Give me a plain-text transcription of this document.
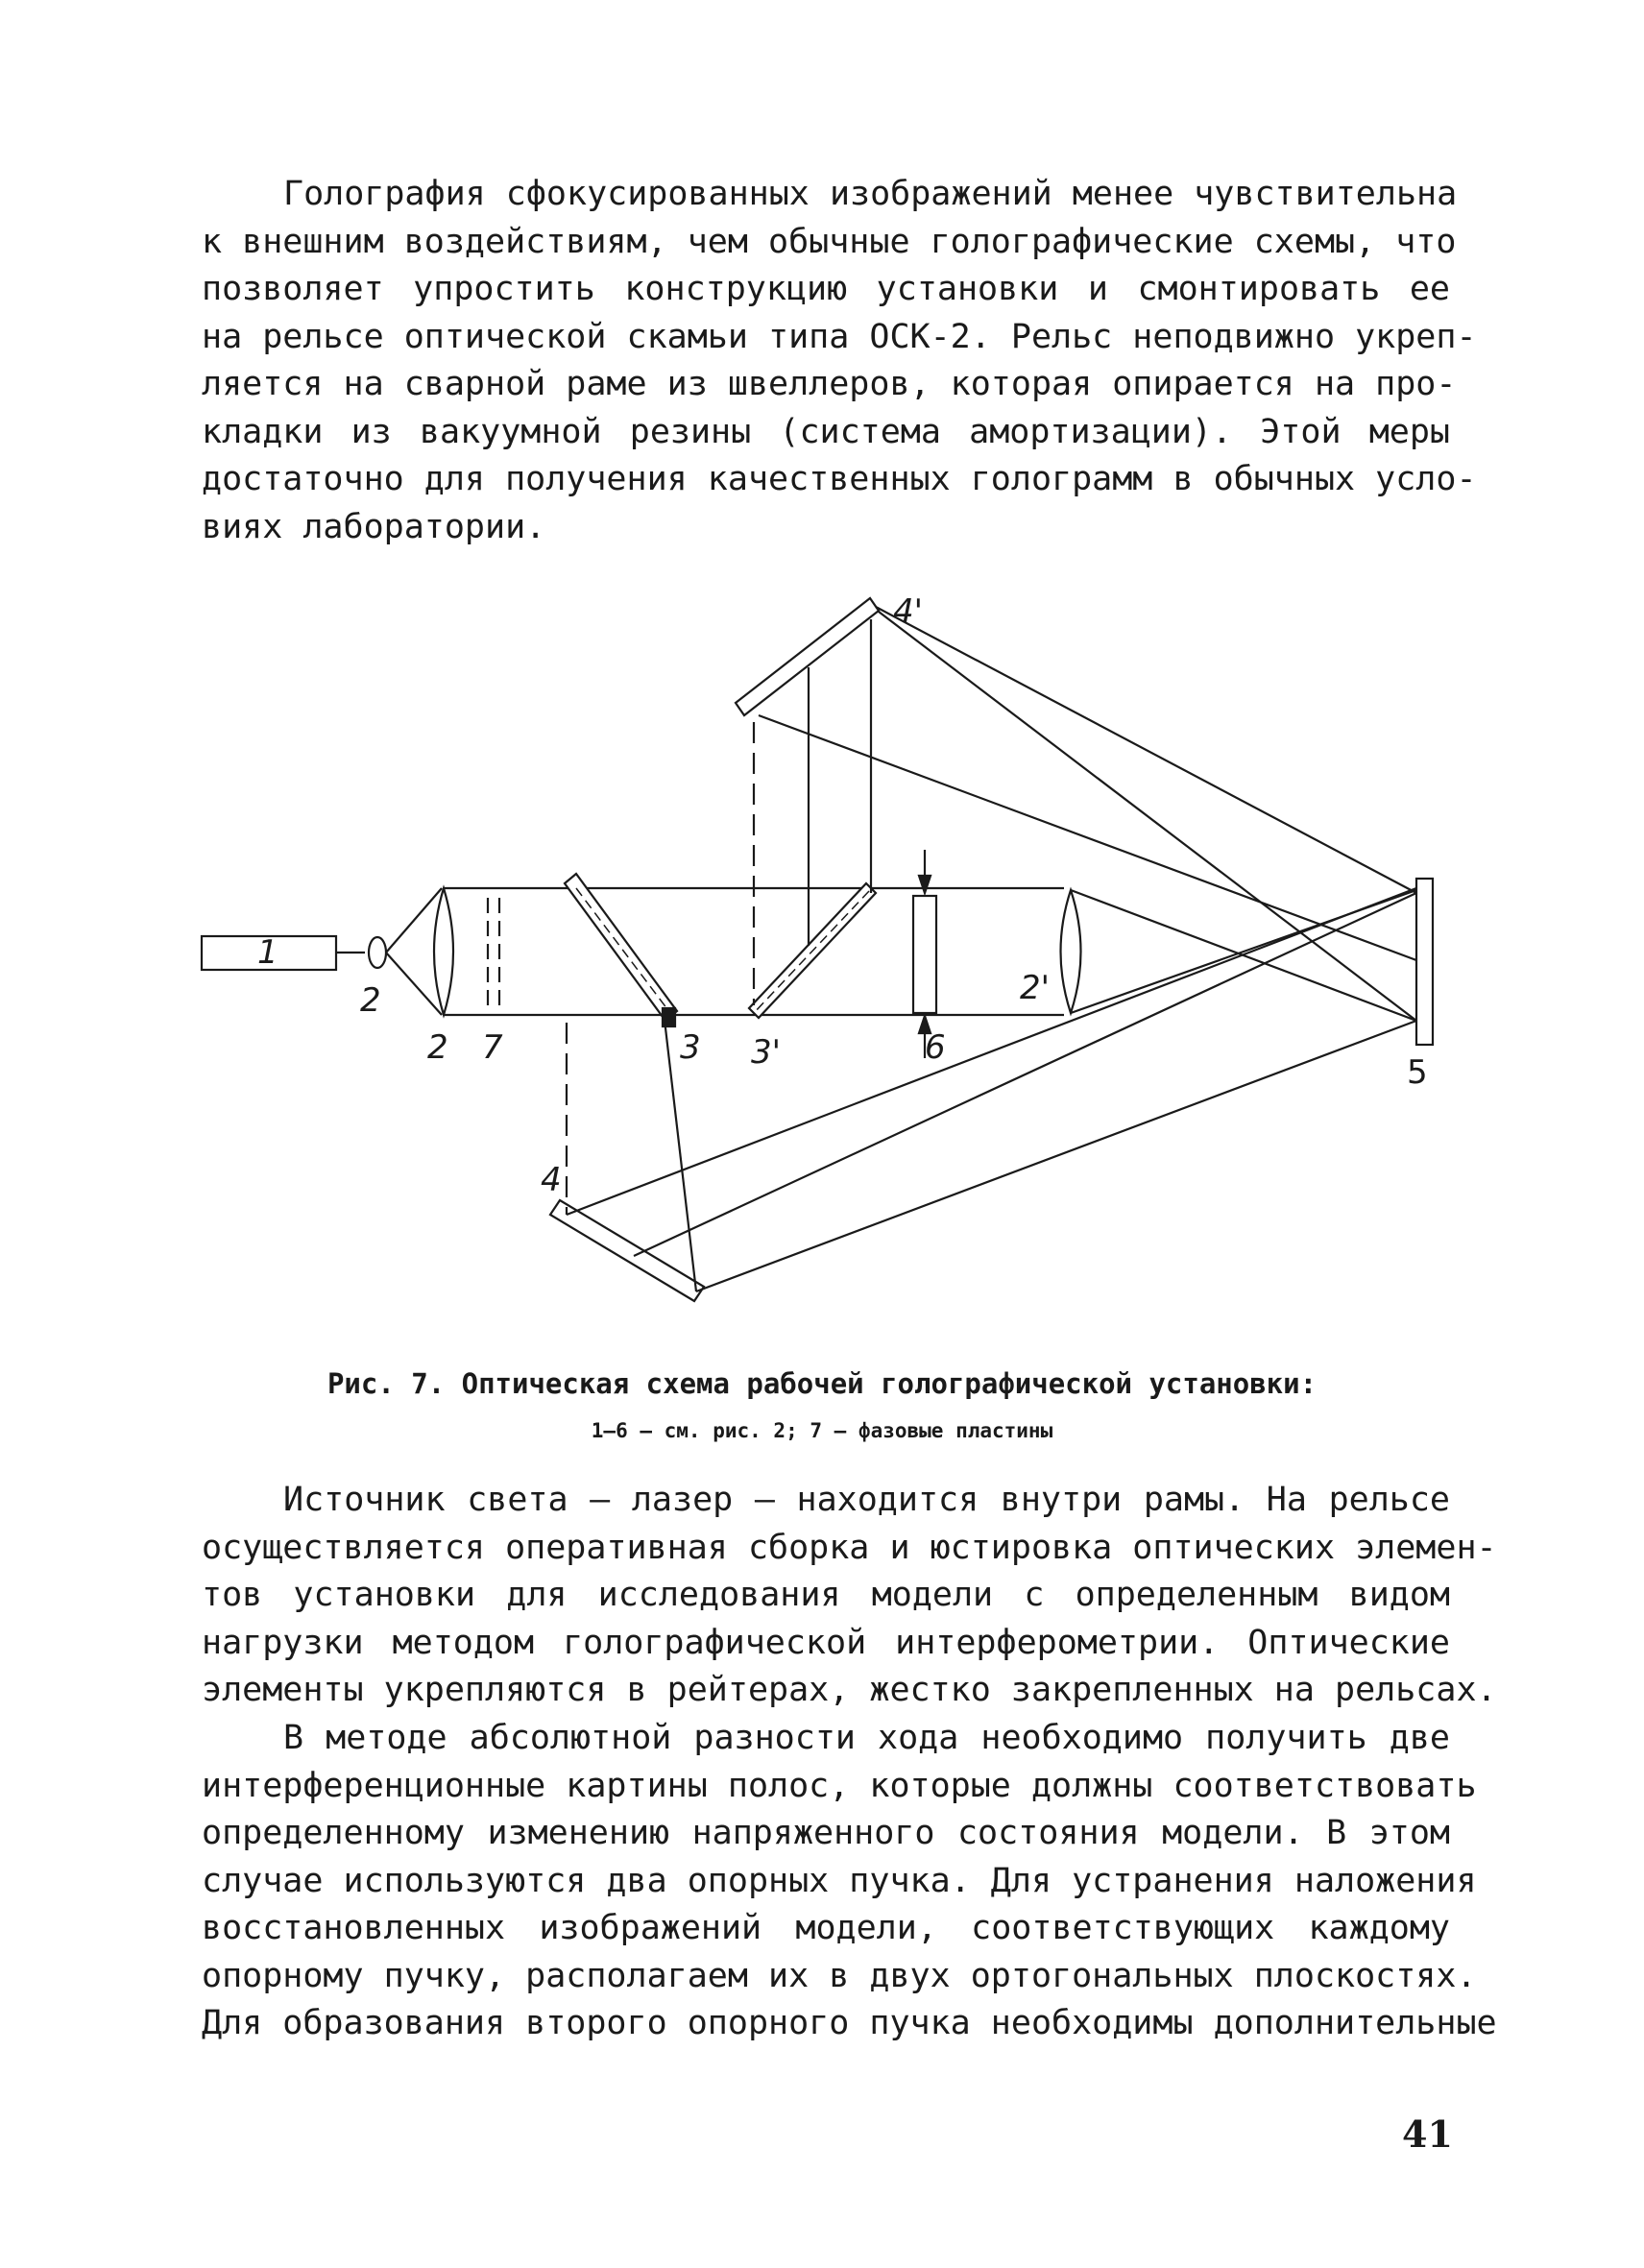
Голография сфокусированных изображений менее чувствительна
к внешним воздействиям, чем обычные голографические схемы, что
позволяет упростить конструкцию установки и смонтировать ее
на рельсе оптической скамьи типа ОСК-2. Рельс неподвижно укреп-
ляется на сварной раме из швеллеров, которая опирается на про-
кладки из вакуумной резины (система амортизации). Этой меры
достаточно для получения качественных голограмм в обычных усло-
виях лаборатории.
1
2
2 7	3 3'	6
2'
5
4'
4
Рис. 7. Оптическая схема рабочей голографической установки:
1–6 – см. рис. 2; 7 – фазовые пластины
Источник света – лазер – находится внутри рамы. На рельсе
осуществляется оперативная сборка и юстировка оптических элемен-
тов установки для исследования модели с определенным видом
нагрузки методом голографической интерферометрии. Оптические
элементы укрепляются в рейтерах, жестко закрепленных на рельсах.
В методе абсолютной разности хода необходимо получить две
интерференционные картины полос, которые должны соответствовать
определенному изменению напряженного состояния модели. В этом
случае используются два опорных пучка. Для устранения наложения
восстановленных изображений модели, соответствующих каждому
опорному пучку, располагаем их в двух ортогональных плоскостях.
Для образования второго опорного пучка необходимы дополнительные
41
